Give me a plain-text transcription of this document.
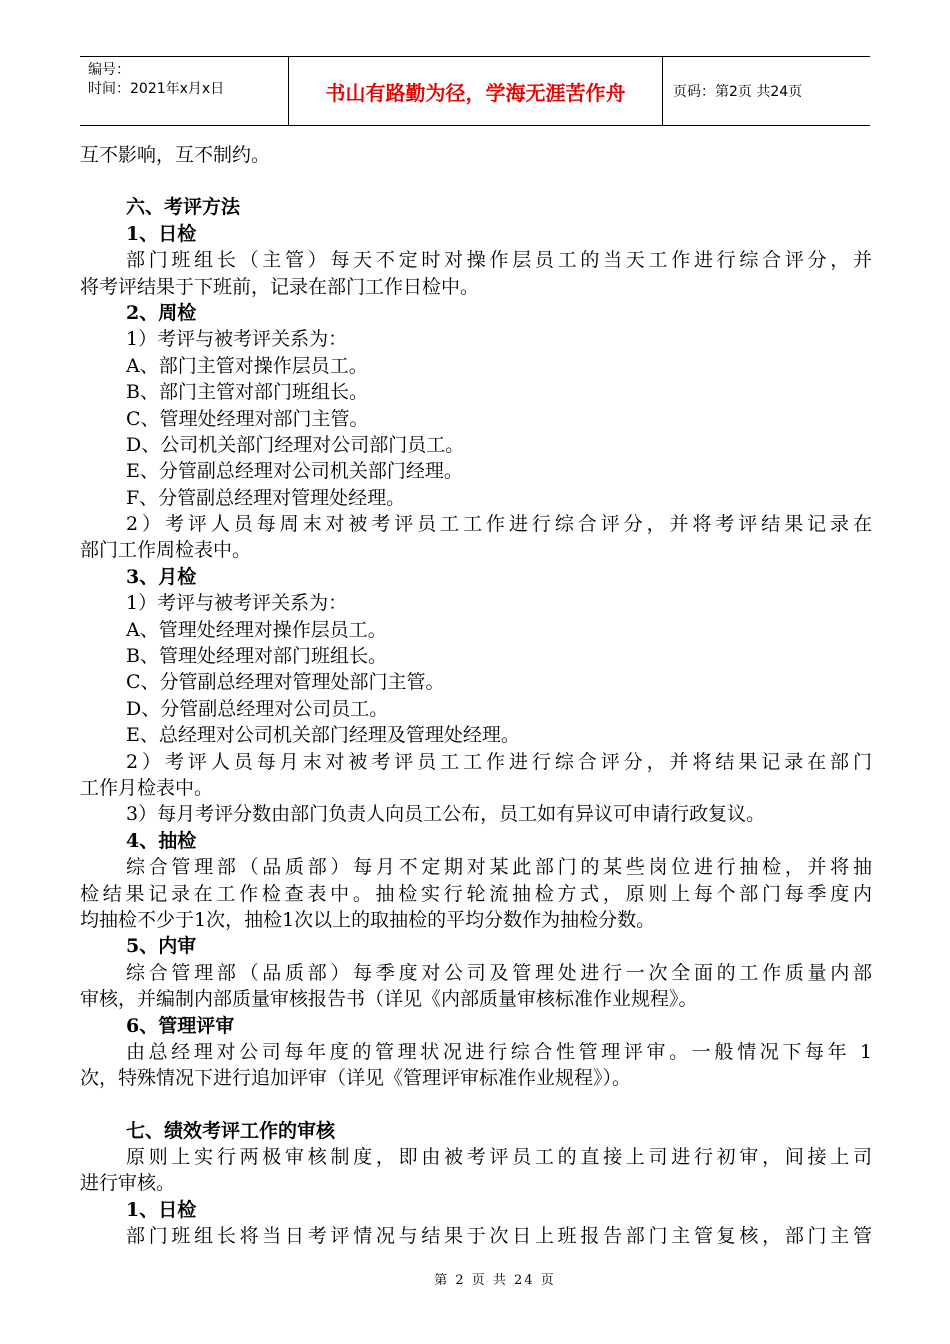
编号：
时间：2021年x月x日	书山有路勤为径，学海无涯苦作舟	页码：第2页 共24页
互不影响，互不制约。
六、考评方法
1、日检
部门班组长（主管）每天不定时对操作层员工的当天工作进行综合评分，并
将考评结果于下班前，记录在部门工作日检中。
2、周检
1）考评与被考评关系为：
A、部门主管对操作层员工。
B、部门主管对部门班组长。
C、管理处经理对部门主管。
D、公司机关部门经理对公司部门员工。
E、分管副总经理对公司机关部门经理。
F、分管副总经理对管理处经理。
2）考评人员每周末对被考评员工工作进行综合评分，并将考评结果记录在
部门工作周检表中。
3、月检
1）考评与被考评关系为：
A、管理处经理对操作层员工。
B、管理处经理对部门班组长。
C、分管副总经理对管理处部门主管。
D、分管副总经理对公司员工。
E、总经理对公司机关部门经理及管理处经理。
2）考评人员每月末对被考评员工工作进行综合评分，并将结果记录在部门
工作月检表中。
3）每月考评分数由部门负责人向员工公布，员工如有异议可申请行政复议。
4、抽检
综合管理部（品质部）每月不定期对某此部门的某些岗位进行抽检，并将抽
检结果记录在工作检查表中。抽检实行轮流抽检方式，原则上每个部门每季度内
均抽检不少于1次，抽检1次以上的取抽检的平均分数作为抽检分数。
5、内审
综合管理部（品质部）每季度对公司及管理处进行一次全面的工作质量内部
审核，并编制内部质量审核报告书（详见《内部质量审核标准作业规程》。
6、管理评审
由总经理对公司每年度的管理状况进行综合性管理评审。一般情况下每年 1
次，特殊情况下进行追加评审（详见《管理评审标准作业规程》）。
七、绩效考评工作的审核
原则上实行两极审核制度，即由被考评员工的直接上司进行初审，间接上司
进行审核。
1、日检
部门班组长将当日考评情况与结果于次日上班报告部门主管复核，部门主管
第 2 页 共 24 页
